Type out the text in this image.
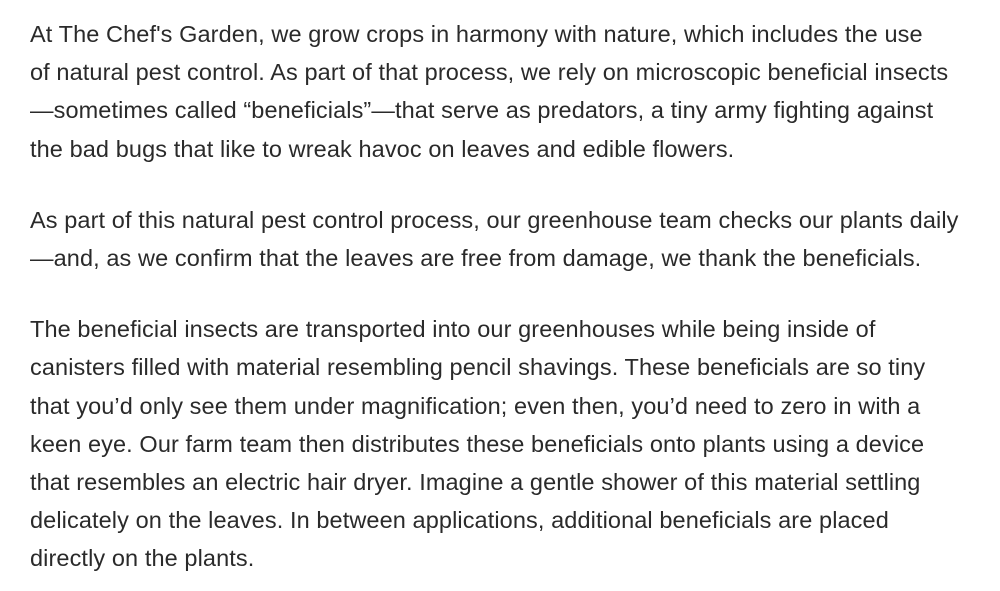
At The Chef's Garden, we grow crops in harmony with nature, which includes the use
of natural pest control. As part of that process, we rely on microscopic beneficial insects
—sometimes called “beneficials”—that serve as predators, a tiny army fighting against
the bad bugs that like to wreak havoc on leaves and edible flowers.

As part of this natural pest control process, our greenhouse team checks our plants daily
—and, as we confirm that the leaves are free from damage, we thank the beneficials.

The beneficial insects are transported into our greenhouses while being inside of
canisters filled with material resembling pencil shavings. These beneficials are so tiny
that you’d only see them under magnification; even then, you’d need to zero in with a
keen eye. Our farm team then distributes these beneficials onto plants using a device
that resembles an electric hair dryer. Imagine a gentle shower of this material settling
delicately on the leaves. In between applications, additional beneficials are placed
directly on the plants.
